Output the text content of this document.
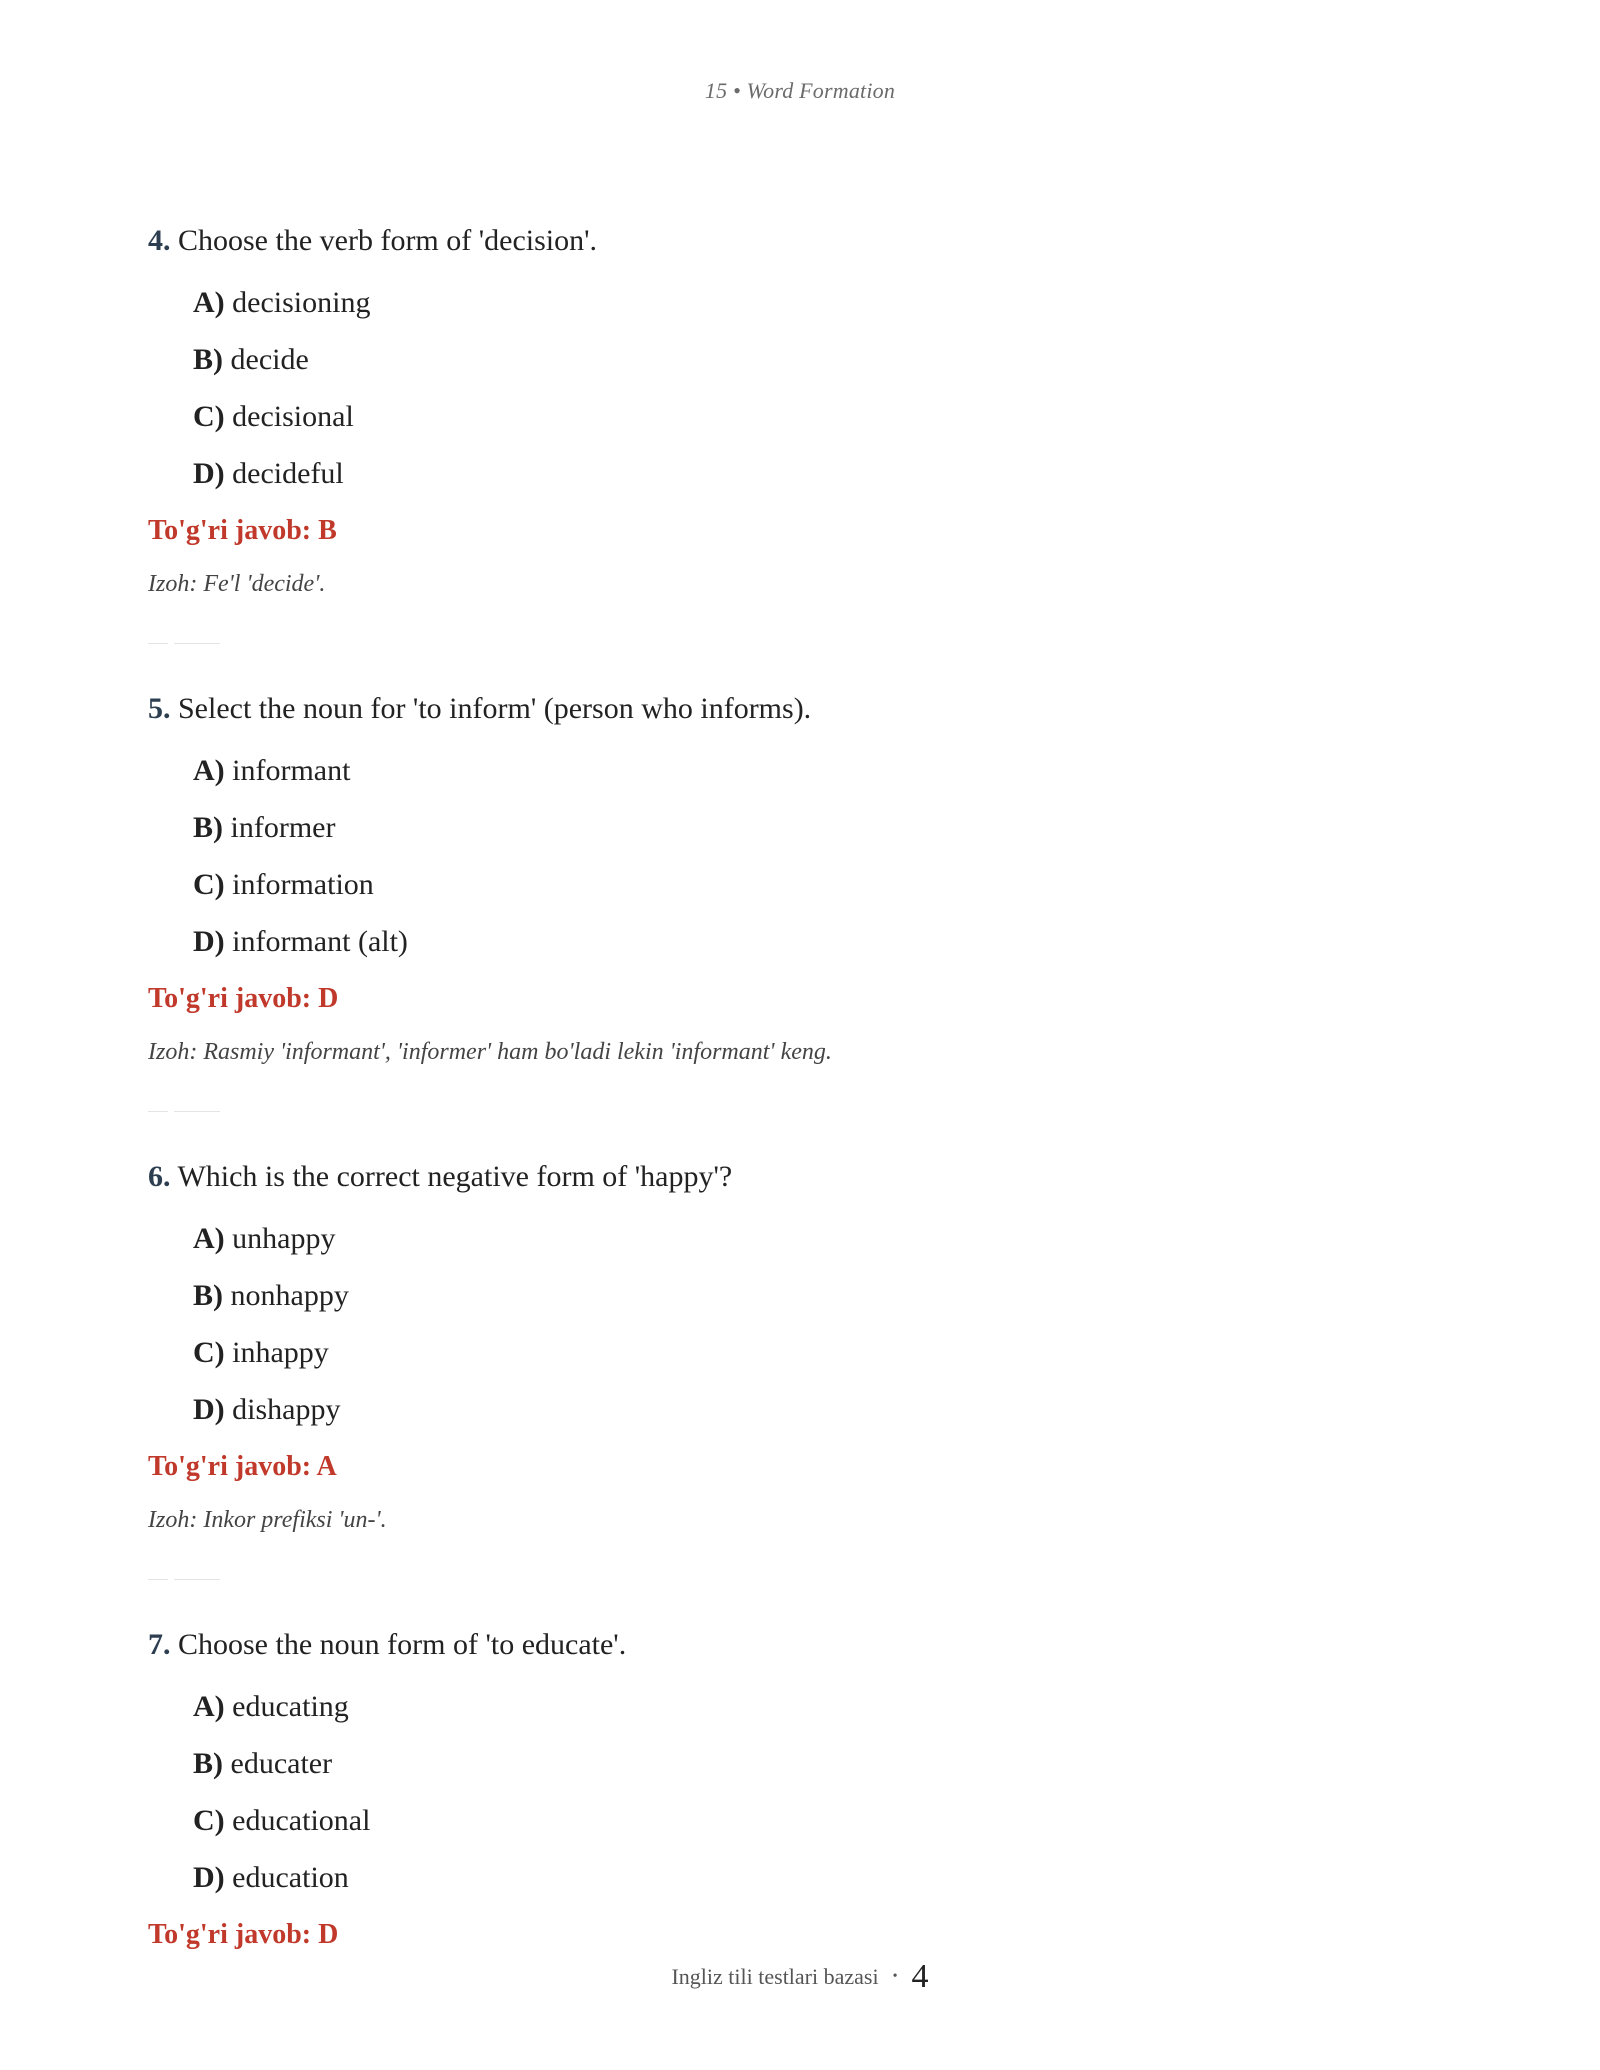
15 • Word Formation
4. Choose the verb form of 'decision'.
A) decisioning
B) decide
C) decisional
D) decideful
To'g'ri javob: B
Izoh: Fe'l 'decide'.
5. Select the noun for 'to inform' (person who informs).
A) informant
B) informer
C) information
D) informant (alt)
To'g'ri javob: D
Izoh: Rasmiy 'informant', 'informer' ham bo'ladi lekin 'informant' keng.
6. Which is the correct negative form of 'happy'?
A) unhappy
B) nonhappy
C) inhappy
D) dishappy
To'g'ri javob: A
Izoh: Inkor prefiksi 'un-'.
7. Choose the noun form of 'to educate'.
A) educating
B) educater
C) educational
D) education
To'g'ri javob: D
Ingliz tili testlari bazasi • 4
